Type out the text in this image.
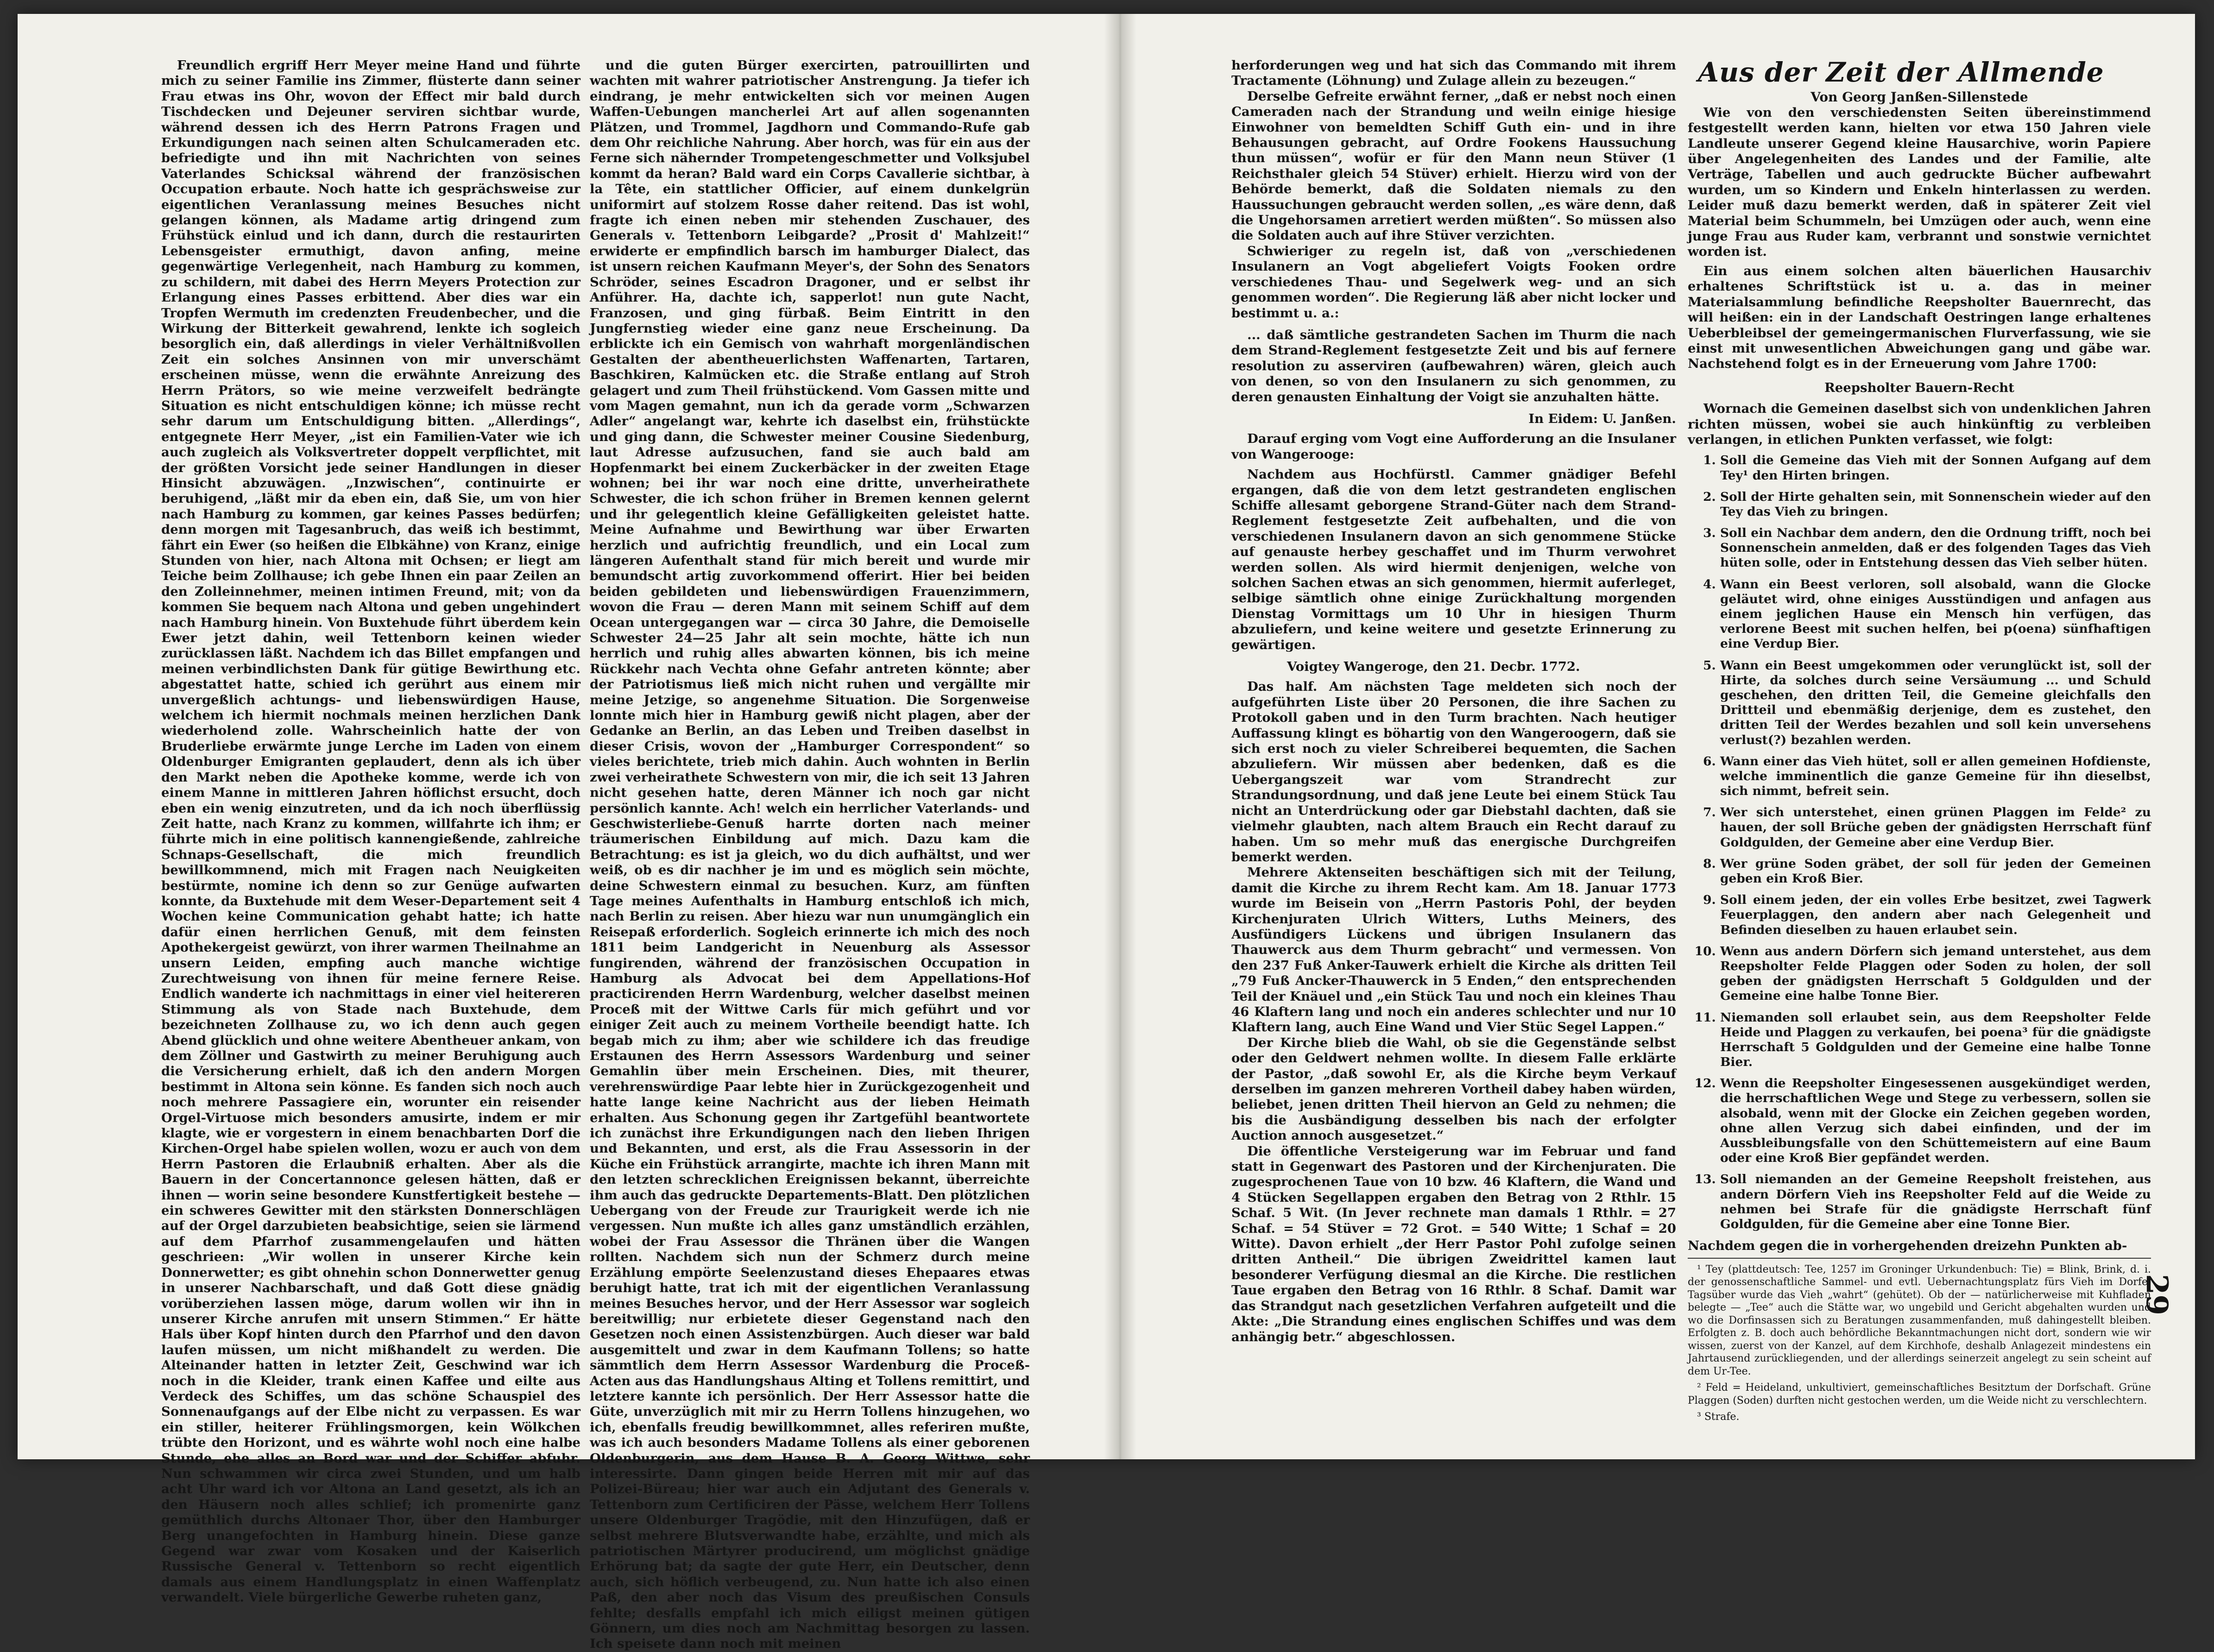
Freundlich ergriff Herr Meyer meine Hand und führte mich zu seiner Familie ins Zimmer, flüsterte dann seiner Frau etwas ins Ohr, wovon der Effect mir bald durch Tischdecken und Dejeuner serviren sichtbar wurde, während dessen ich des Herrn Patrons Fragen und Erkundigungen nach seinen alten Schulcameraden etc. befriedigte und ihn mit Nachrichten von seines Vaterlandes Schicksal während der französischen Occupation erbaute. Noch hatte ich gesprächsweise zur eigentlichen Veranlassung meines Besuches nicht gelangen können, als Madame artig dringend zum Frühstück einlud und ich dann, durch die restaurirten Lebensgeister ermuthigt, davon anfing, meine gegenwärtige Verlegenheit, nach Hamburg zu kommen, zu schildern, mit dabei des Herrn Meyers Protection zur Erlangung eines Passes erbittend. Aber dies war ein Tropfen Wermuth im credenzten Freudenbecher, und die Wirkung der Bitterkeit gewahrend, lenkte ich sogleich besorglich ein, daß allerdings in vieler Verhältnißvollen Zeit ein solches Ansinnen von mir unverschämt erscheinen müsse, wenn die erwähnte Anreizung des Herrn Prätors, so wie meine verzweifelt bedrängte Situation es nicht entschuldigen könne; ich müsse recht sehr darum um Entschuldigung bitten. „Allerdings“, entgegnete Herr Meyer, „ist ein Familien-Vater wie ich auch zugleich als Volksvertreter doppelt verpflichtet, mit der größten Vorsicht jede seiner Handlungen in dieser Hinsicht abzuwägen. „Inzwischen“, continuirte er beruhigend, „läßt mir da eben ein, daß Sie, um von hier nach Hamburg zu kommen, gar keines Passes bedürfen; denn morgen mit Tagesanbruch, das weiß ich bestimmt, fährt ein Ewer (so heißen die Elbkähne) von Kranz, einige Stunden von hier, nach Altona mit Ochsen; er liegt am Teiche beim Zollhause; ich gebe Ihnen ein paar Zeilen an den Zolleinnehmer, meinen intimen Freund, mit; von da kommen Sie bequem nach Altona und geben ungehindert nach Hamburg hinein. Von Buxtehude führt überdem kein Ewer jetzt dahin, weil Tettenborn keinen wieder zurücklassen läßt. Nachdem ich das Billet empfangen und meinen verbindlichsten Dank für gütige Bewirthung etc. abgestattet hatte, schied ich gerührt aus einem mir unvergeßlich achtungs- und liebenswürdigen Hause, welchem ich hiermit nochmals meinen herzlichen Dank wiederholend zolle. Wahrscheinlich hatte der von Bruderliebe erwärmte junge Lerche im Laden von einem Oldenburger Emigranten geplaudert, denn als ich über den Markt neben die Apotheke komme, werde ich von einem Manne in mittleren Jahren höflichst ersucht, doch eben ein wenig einzutreten, und da ich noch überflüssig Zeit hatte, nach Kranz zu kommen, willfahrte ich ihm; er führte mich in eine politisch kannengießende, zahlreiche Schnaps-Gesellschaft, die mich freundlich bewillkommnend, mich mit Fragen nach Neuigkeiten bestürmte, nomine ich denn so zur Genüge aufwarten konnte, da Buxtehude mit dem Weser-Departement seit 4 Wochen keine Communication gehabt hatte; ich hatte dafür einen herrlichen Genuß, mit dem feinsten Apothekergeist gewürzt, von ihrer warmen Theilnahme an unsern Leiden, empfing auch manche wichtige Zurechtweisung von ihnen für meine fernere Reise. Endlich wanderte ich nachmittags in einer viel heitereren Stimmung als von Stade nach Buxtehude, dem bezeichneten Zollhause zu, wo ich denn auch gegen Abend glücklich und ohne weitere Abentheuer ankam, von dem Zöllner und Gastwirth zu meiner Beruhigung auch die Versicherung erhielt, daß ich den andern Morgen bestimmt in Altona sein könne. Es fanden sich noch auch noch mehrere Passagiere ein, worunter ein reisender Orgel-Virtuose mich besonders amusirte, indem er mir klagte, wie er vorgestern in einem benachbarten Dorf die Kirchen-Orgel habe spielen wollen, wozu er auch von dem Herrn Pastoren die Erlaubniß erhalten. Aber als die Bauern in der Concertannonce gelesen hätten, daß er ihnen — worin seine besondere Kunstfertigkeit bestehe — ein schweres Gewitter mit den stärksten Donnerschlägen auf der Orgel darzubieten beabsichtige, seien sie lärmend auf dem Pfarrhof zusammengelaufen und hätten geschrieen: „Wir wollen in unserer Kirche kein Donnerwetter; es gibt ohnehin schon Donnerwetter genug in unserer Nachbarschaft, und daß Gott diese gnädig vorüberziehen lassen möge, darum wollen wir ihn in unserer Kirche anrufen mit unsern Stimmen.“ Er hätte Hals über Kopf hinten durch den Pfarrhof und den davon laufen müssen, um nicht mißhandelt zu werden. Die Alteinander hatten in letzter Zeit, Geschwind war ich noch in die Kleider, trank einen Kaffee und eilte aus Verdeck des Schiffes, um das schöne Schauspiel des Sonnenaufgangs auf der Elbe nicht zu verpassen. Es war ein stiller, heiterer Frühlingsmorgen, kein Wölkchen trübte den Horizont, und es währte wohl noch eine halbe Stunde, ehe alles an Bord war und der Schiffer abfuhr. Nun schwammen wir circa zwei Stunden, und um halb acht Uhr ward ich vor Altona an Land gesetzt, als ich an den Häusern noch alles schlief; ich promenirte ganz gemüthlich durchs Altonaer Thor, über den Hamburger Berg unangefochten in Hamburg hinein. Diese ganze Gegend war zwar vom Kosaken und der Kaiserlich Russische General v. Tettenborn so recht eigentlich damals aus einem Handlungsplatz in einen Waffenplatz verwandelt. Viele bürgerliche Gewerbe ruheten ganz,

und die guten Bürger exercirten, patrouillirten und wachten mit wahrer patriotischer Anstrengung. Ja tiefer ich eindrang, je mehr entwickelten sich vor meinen Augen Waffen-Uebungen mancherlei Art auf allen sogenannten Plätzen, und Trommel, Jagdhorn und Commando-Rufe gab dem Ohr reichliche Nahrung. Aber horch, was für ein aus der Ferne sich nähernder Trompetengeschmetter und Volksjubel kommt da heran? Bald ward ein Corps Cavallerie sichtbar, à la Tête, ein stattlicher Officier, auf einem dunkelgrün uniformirt auf stolzem Rosse daher reitend. Das ist wohl, fragte ich einen neben mir stehenden Zuschauer, des Generals v. Tettenborn Leibgarde? „Prosit d' Mahlzeit!“ erwiderte er empfindlich barsch im hamburger Dialect, das ist unsern reichen Kaufmann Meyer's, der Sohn des Senators Schröder, seines Escadron Dragoner, und er selbst ihr Anführer. Ha, dachte ich, sapperlot! nun gute Nacht, Franzosen, und ging fürbaß. Beim Eintritt in den Jungfernstieg wieder eine ganz neue Erscheinung. Da erblickte ich ein Gemisch von wahrhaft morgenländischen Gestalten der abentheuerlichsten Waffenarten, Tartaren, Baschkiren, Kalmücken etc. die Straße entlang auf Stroh gelagert und zum Theil frühstückend. Vom Gassen mitte und vom Magen gemahnt, nun ich da gerade vorm „Schwarzen Adler“ angelangt war, kehrte ich daselbst ein, frühstückte und ging dann, die Schwester meiner Cousine Siedenburg, laut Adresse aufzusuchen, fand sie auch bald am Hopfenmarkt bei einem Zuckerbäcker in der zweiten Etage wohnen; bei ihr war noch eine dritte, unverheirathete Schwester, die ich schon früher in Bremen kennen gelernt und ihr gelegentlich kleine Gefälligkeiten geleistet hatte. Meine Aufnahme und Bewirthung war über Erwarten herzlich und aufrichtig freundlich, und ein Local zum längeren Aufenthalt stand für mich bereit und wurde mir bemundscht artig zuvorkommend offerirt. Hier bei beiden beiden gebildeten und liebenswürdigen Frauenzimmern, wovon die Frau — deren Mann mit seinem Schiff auf dem Ocean untergegangen war — circa 30 Jahre, die Demoiselle Schwester 24—25 Jahr alt sein mochte, hätte ich nun herrlich und ruhig alles abwarten können, bis ich meine Rückkehr nach Vechta ohne Gefahr antreten könnte; aber der Patriotismus ließ mich nicht ruhen und vergällte mir meine Jetzige, so angenehme Situation. Die Sorgenweise lonnte mich hier in Hamburg gewiß nicht plagen, aber der Gedanke an Berlin, an das Leben und Treiben daselbst in dieser Crisis, wovon der „Hamburger Correspondent“ so vieles berichtete, trieb mich dahin. Auch wohnten in Berlin zwei verheirathete Schwestern von mir, die ich seit 13 Jahren nicht gesehen hatte, deren Männer ich noch gar nicht persönlich kannte. Ach! welch ein herrlicher Vaterlands- und Geschwisterliebe-Genuß harrte dorten nach meiner träumerischen Einbildung auf mich. Dazu kam die Betrachtung: es ist ja gleich, wo du dich aufhältst, und wer weiß, ob es dir nachher je im und es möglich sein möchte, deine Schwestern einmal zu besuchen. Kurz, am fünften Tage meines Aufenthalts in Hamburg entschloß ich mich, nach Berlin zu reisen. Aber hiezu war nun unumgänglich ein Reisepaß erforderlich. Sogleich erinnerte ich mich des noch 1811 beim Landgericht in Neuenburg als Assessor fungirenden, während der französischen Occupation in Hamburg als Advocat bei dem Appellations-Hof practicirenden Herrn Wardenburg, welcher daselbst meinen Proceß mit der Wittwe Carls für mich geführt und vor einiger Zeit auch zu meinem Vortheile beendigt hatte. Ich begab mich zu ihm; aber wie schildere ich das freudige Erstaunen des Herrn Assessors Wardenburg und seiner Gemahlin über mein Erscheinen. Dies, mit theurer, verehrenswürdige Paar lebte hier in Zurückgezogenheit und hatte lange keine Nachricht aus der lieben Heimath erhalten. Aus Schonung gegen ihr Zartgefühl beantwortete ich zunächst ihre Erkundigungen nach den lieben Ihrigen und Bekannten, und erst, als die Frau Assessorin in der Küche ein Frühstück arrangirte, machte ich ihren Mann mit den letzten schrecklichen Ereignissen bekannt, überreichte ihm auch das gedruckte Departements-Blatt. Den plötzlichen Uebergang von der Freude zur Traurigkeit werde ich nie vergessen. Nun mußte ich alles ganz umständlich erzählen, wobei der Frau Assessor die Thränen über die Wangen rollten. Nachdem sich nun der Schmerz durch meine Erzählung empörte Seelenzustand dieses Ehepaares etwas beruhigt hatte, trat ich mit der eigentlichen Veranlassung meines Besuches hervor, und der Herr Assessor war sogleich bereitwillig; nur erbietete dieser Gegenstand nach den Gesetzen noch einen Assistenzbürgen. Auch dieser war bald ausgemittelt und zwar in dem Kaufmann Tollens; so hatte sämmtlich dem Herrn Assessor Wardenburg die Proceß-Acten aus das Handlungshaus Alting et Tollens remittirt, und letztere kannte ich persönlich. Der Herr Assessor hatte die Güte, unverzüglich mit mir zu Herrn Tollens hinzugehen, wo ich, ebenfalls freudig bewillkommnet, alles referiren mußte, was ich auch besonders Madame Tollens als einer geborenen Oldenburgerin, aus dem Hause B. A. Georg Wittwe, sehr interessirte. Dann gingen beide Herren mit mir auf das Polizei-Büreau; hier war auch ein Adjutant des Generals v. Tettenborn zum Certificiren der Pässe, welchem Herr Tollens unsere Oldenburger Tragödie, mit den Hinzufügen, daß er selbst mehrere Blutsverwandte habe, erzählte, und mich als patriotischen Märtyrer producirend, um möglichst gnädige Erhörung bat; da sagte der gute Herr, ein Deutscher, denn auch, sich höflich verbeugend, zu. Nun hatte ich also einen Paß, den aber noch das Visum des preußischen Consuls fehlte; desfalls empfahl ich mich eiligst meinen gütigen Gönnern, um dies noch am Nachmittag besorgen zu lassen. Ich speisete dann noch mit meinen

herforderungen weg und hat sich das Commando mit ihrem Tractamente (Löhnung) und Zulage allein zu bezeugen.“

Derselbe Gefreite erwähnt ferner, „daß er nebst noch einen Cameraden nach der Strandung und weiln einige hiesige Einwohner von bemeldten Schiff Guth ein- und in ihre Behausungen gebracht, auf Ordre Fookens Haussuchung thun müssen“, wofür er für den Mann neun Stüver (1 Reichsthaler gleich 54 Stüver) erhielt. Hierzu wird von der Behörde bemerkt, daß die Soldaten niemals zu den Haussuchungen gebraucht werden sollen, „es wäre denn, daß die Ungehorsamen arretiert werden müßten“. So müssen also die Soldaten auch auf ihre Stüver verzichten.

Schwieriger zu regeln ist, daß von „verschiedenen Insulanern an Vogt abgeliefert Voigts Fooken ordre verschiedenes Thau- und Segelwerk weg- und an sich genommen worden“. Die Regierung läß aber nicht locker und bestimmt u. a.:

... daß sämtliche gestrandeten Sachen im Thurm die nach dem Strand-Reglement festgesetzte Zeit und bis auf fernere resolution zu asserviren (aufbewahren) wären, gleich auch von denen, so von den Insulanern zu sich genommen, zu deren genausten Einhaltung der Voigt sie anzuhalten hätte.

In Eidem: U. Janßen.

Darauf erging vom Vogt eine Aufforderung an die Insulaner von Wangerooge:

Nachdem aus Hochfürstl. Cammer gnädiger Befehl ergangen, daß die von dem letzt gestrandeten englischen Schiffe allesamt geborgene Strand-Güter nach dem Strand-Reglement festgesetzte Zeit aufbehalten, und die von verschiedenen Insulanern davon an sich genommene Stücke auf genauste herbey geschaffet und im Thurm verwohret werden sollen. Als wird hiermit denjenigen, welche von solchen Sachen etwas an sich genommen, hiermit auferleget, selbige sämtlich ohne einige Zurückhaltung morgenden Dienstag Vormittags um 10 Uhr in hiesigen Thurm abzuliefern, und keine weitere und gesetzte Erinnerung zu gewärtigen.

Voigtey Wangeroge, den 21. Decbr. 1772.

Das half. Am nächsten Tage meldeten sich noch der aufgeführten Liste über 20 Personen, die ihre Sachen zu Protokoll gaben und in den Turm brachten. Nach heutiger Auffassung klingt es böhartig von den Wangeroogern, daß sie sich erst noch zu vieler Schreiberei bequemten, die Sachen abzuliefern. Wir müssen aber bedenken, daß es die Uebergangszeit war vom Strandrecht zur Strandungsordnung, und daß jene Leute bei einem Stück Tau nicht an Unterdrückung oder gar Diebstahl dachten, daß sie vielmehr glaubten, nach altem Brauch ein Recht darauf zu haben. Um so mehr muß das energische Durchgreifen bemerkt werden.

Mehrere Aktenseiten beschäftigen sich mit der Teilung, damit die Kirche zu ihrem Recht kam. Am 18. Januar 1773 wurde im Beisein von „Herrn Pastoris Pohl, der beyden Kirchenjuraten Ulrich Witters, Luths Meiners, des Ausfündigers Lückens und übrigen Insulanern das Thauwerck aus dem Thurm gebracht“ und vermessen. Von den 237 Fuß Anker-Tauwerk erhielt die Kirche als dritten Teil „79 Fuß Ancker-Thauwerck in 5 Enden,“ den entsprechenden Teil der Knäuel und „ein Stück Tau und noch ein kleines Thau 46 Klaftern lang und noch ein anderes schlechter und nur 10 Klaftern lang, auch Eine Wand und Vier Stüc Segel Lappen.“

Der Kirche blieb die Wahl, ob sie die Gegenstände selbst oder den Geldwert nehmen wollte. In diesem Falle erklärte der Pastor, „daß sowohl Er, als die Kirche beym Verkauf derselben im ganzen mehreren Vortheil dabey haben würden, beliebet, jenen dritten Theil hiervon an Geld zu nehmen; die bis die Ausbändigung desselben bis nach der erfolgter Auction annoch ausgesetzet.“

Die öffentliche Versteigerung war im Februar und fand statt in Gegenwart des Pastoren und der Kirchenjuraten. Die zugesprochenen Taue von 10 bzw. 46 Klaftern, die Wand und 4 Stücken Segellappen ergaben den Betrag von 2 Rthlr. 15 Schaf. 5 Wit. (In Jever rechnete man damals 1 Rthlr. = 27 Schaf. = 54 Stüver = 72 Grot. = 540 Witte; 1 Schaf = 20 Witte). Davon erhielt „der Herr Pastor Pohl zufolge seinen dritten Antheil.“ Die übrigen Zweidrittel kamen laut besonderer Verfügung diesmal an die Kirche. Die restlichen Taue ergaben den Betrag von 16 Rthlr. 8 Schaf. Damit war das Strandgut nach gesetzlichen Verfahren aufgeteilt und die Akte: „Die Strandung eines englischen Schiffes und was dem anhängig betr.“ abgeschlossen.

Aus der Zeit der Allmende

Von Georg Janßen-Sillenstede

Wie von den verschiedensten Seiten übereinstimmend festgestellt werden kann, hielten vor etwa 150 Jahren viele Landleute unserer Gegend kleine Hausarchive, worin Papiere über Angelegenheiten des Landes und der Familie, alte Verträge, Tabellen und auch gedruckte Bücher aufbewahrt wurden, um so Kindern und Enkeln hinterlassen zu werden. Leider muß dazu bemerkt werden, daß in späterer Zeit viel Material beim Schummeln, bei Umzügen oder auch, wenn eine junge Frau aus Ruder kam, verbrannt und sonstwie vernichtet worden ist.

Ein aus einem solchen alten bäuerlichen Hausarchiv erhaltenes Schriftstück ist u. a. das in meiner Materialsammlung befindliche Reepsholter Bauernrecht, das will heißen: ein in der Landschaft Oestringen lange erhaltenes Ueberbleibsel der gemeingermanischen Flurverfassung, wie sie einst mit unwesentlichen Abweichungen gang und gäbe war. Nachstehend folgt es in der Erneuerung vom Jahre 1700:

Reepsholter Bauern-Recht

Wornach die Gemeinen daselbst sich von undenklichen Jahren richten müssen, wobei sie auch hinkünftig zu verbleiben verlangen, in etlichen Punkten verfasset, wie folgt:

1. Soll die Gemeine das Vieh mit der Sonnen Aufgang auf dem Tey¹ den Hirten bringen.
2. Soll der Hirte gehalten sein, mit Sonnenschein wieder auf den Tey das Vieh zu bringen.
3. Soll ein Nachbar dem andern, den die Ordnung trifft, noch bei Sonnenschein anmelden, daß er des folgenden Tages das Vieh hüten solle, oder in Entstehung dessen das Vieh selber hüten.
4. Wann ein Beest verloren, soll alsobald, wann die Glocke geläutet wird, ohne einiges Ausstündigen und anfagen aus einem jeglichen Hause ein Mensch hin verfügen, das verlorene Beest mit suchen helfen, bei p(oena) sünfhaftigen eine Verdup Bier.
5. Wann ein Beest umgekommen oder verunglückt ist, soll der Hirte, da solches durch seine Versäumung ... und Schuld geschehen, den dritten Teil, die Gemeine gleichfalls den Drittteil und ebenmäßig derjenige, dem es zustehet, den dritten Teil der Werdes bezahlen und soll kein unversehens verlust(?) bezahlen werden.
6. Wann einer das Vieh hütet, soll er allen gemeinen Hofdienste, welche imminentlich die ganze Gemeine für ihn dieselbst, sich nimmt, befreit sein.
7. Wer sich unterstehet, einen grünen Plaggen im Felde² zu hauen, der soll Brüche geben der gnädigsten Herrschaft fünf Goldgulden, der Gemeine aber eine Verdup Bier.
8. Wer grüne Soden gräbet, der soll für jeden der Gemeinen geben ein Kroß Bier.
9. Soll einem jeden, der ein volles Erbe besitzet, zwei Tagwerk Feuerplaggen, den andern aber nach Gelegenheit und Befinden dieselben zu hauen erlaubet sein.
10. Wenn aus andern Dörfern sich jemand unterstehet, aus dem Reepsholter Felde Plaggen oder Soden zu holen, der soll geben der gnädigsten Herrschaft 5 Goldgulden und der Gemeine eine halbe Tonne Bier.
11. Niemanden soll erlaubet sein, aus dem Reepsholter Felde Heide und Plaggen zu verkaufen, bei poena³ für die gnädigste Herrschaft 5 Goldgulden und der Gemeine eine halbe Tonne Bier.
12. Wenn die Reepsholter Eingesessenen ausgekündiget werden, die herrschaftlichen Wege und Stege zu verbessern, sollen sie alsobald, wenn mit der Glocke ein Zeichen gegeben worden, ohne allen Verzug sich dabei einfinden, und der im Aussbleibungsfalle von den Schüttemeistern auf eine Baum oder eine Kroß Bier gepfändet werden.
13. Soll niemanden an der Gemeine Reepsholt freistehen, aus andern Dörfern Vieh ins Reepsholter Feld auf die Weide zu nehmen bei Strafe für die gnädigste Herrschaft fünf Goldgulden, für die Gemeine aber eine Tonne Bier.

Nachdem gegen die in vorhergehenden dreizehn Punkten ab-

¹ Tey (plattdeutsch: Tee, 1257 im Groninger Urkundenbuch: Tie) = Blink, Brink, d. i. der genossenschaftliche Sammel- und evtl. Uebernachtungsplatz fürs Vieh im Dorfe. Tagsüber wurde das Vieh „wahrt“ (gehütet). Ob der — natürlicherweise mit Kuhfladen belegte — „Tee“ auch die Stätte war, wo ungebild und Gericht abgehalten wurden und wo die Dorfinsassen sich zu Beratungen zusammenfanden, muß dahingestellt bleiben. Erfolgten z. B. doch auch behördliche Bekanntmachungen nicht dort, sondern wie wir wissen, zuerst von der Kanzel, auf dem Kirchhofe, deshalb Anlagezeit mindestens ein Jahrtausend zurückliegenden, und der allerdings seinerzeit angelegt zu sein scheint auf dem Ur-Tee.

² Feld = Heideland, unkultiviert, gemeinschaftliches Besitztum der Dorfschaft. Grüne Plaggen (Soden) durften nicht gestochen werden, um die Weide nicht zu verschlechtern.

³ Strafe.

29
